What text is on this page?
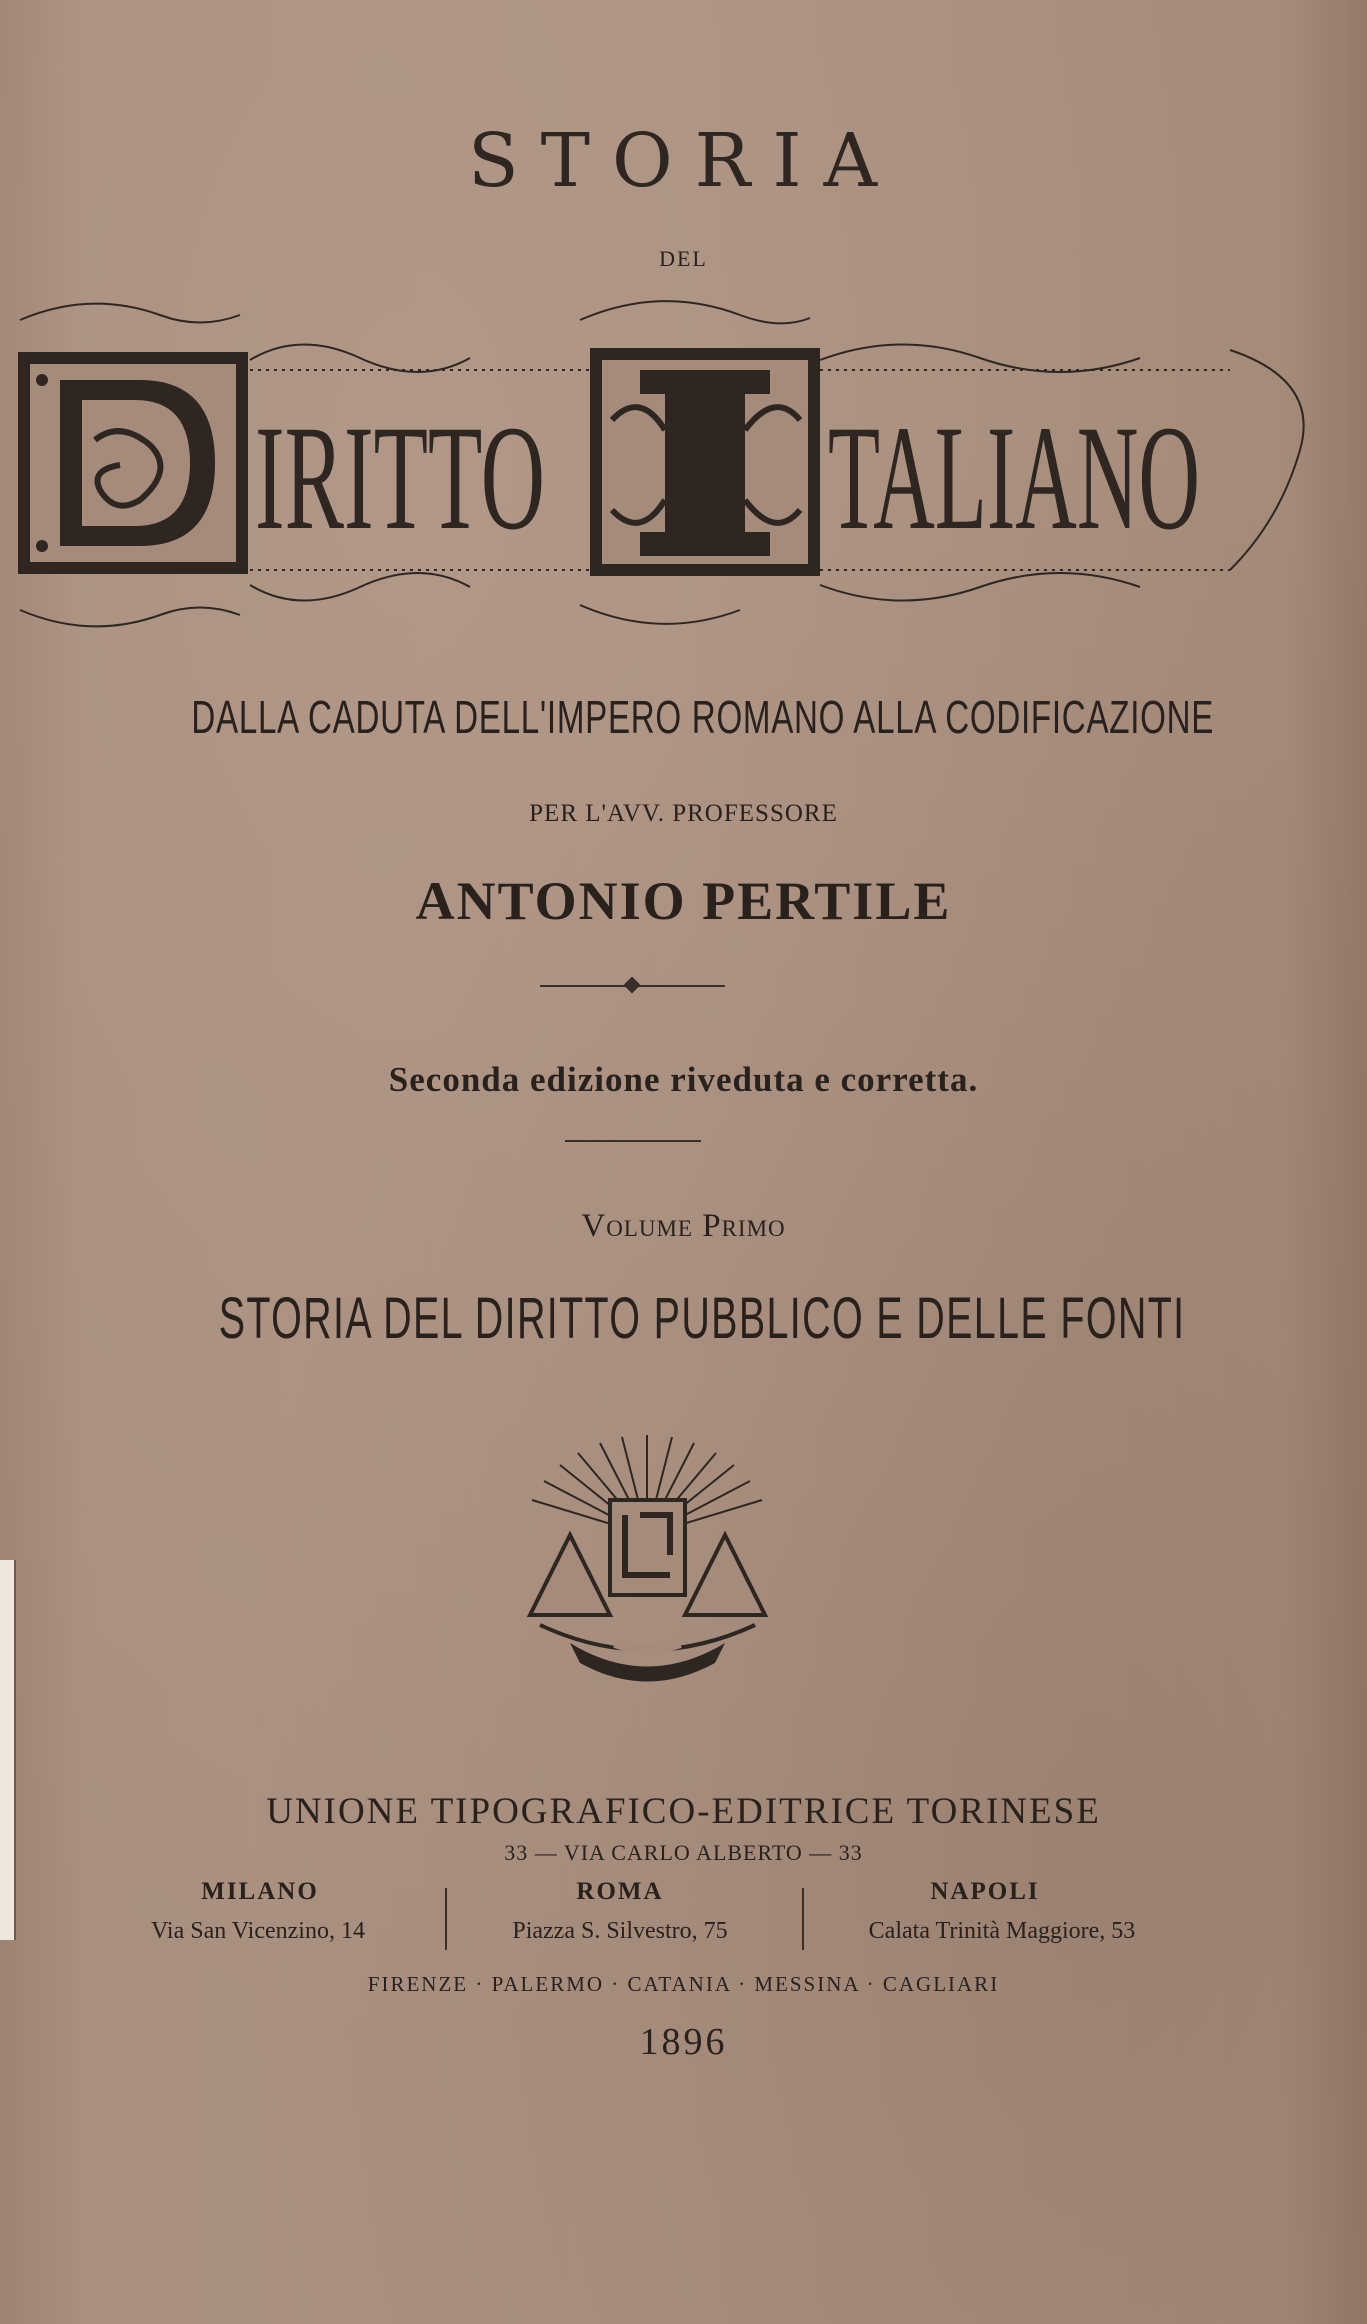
STORIA
DEL
IRITTO TALIANO
DALLA CADUTA DELL'IMPERO ROMANO ALLA CODIFICAZIONE
PER L'AVV. PROFESSORE
ANTONIO PERTILE
Seconda edizione riveduta e corretta.
Volume Primo
STORIA DEL DIRITTO PUBBLICO E DELLE FONTI
UNIONE TIPOGRAFICO-EDITRICE TORINESE
33 — VIA CARLO ALBERTO — 33
MILANO
Via San Vicenzino, 14
ROMA
Piazza S. Silvestro, 75
NAPOLI
Calata Trinità Maggiore, 53
FIRENZE · PALERMO · CATANIA · MESSINA · CAGLIARI
1896
